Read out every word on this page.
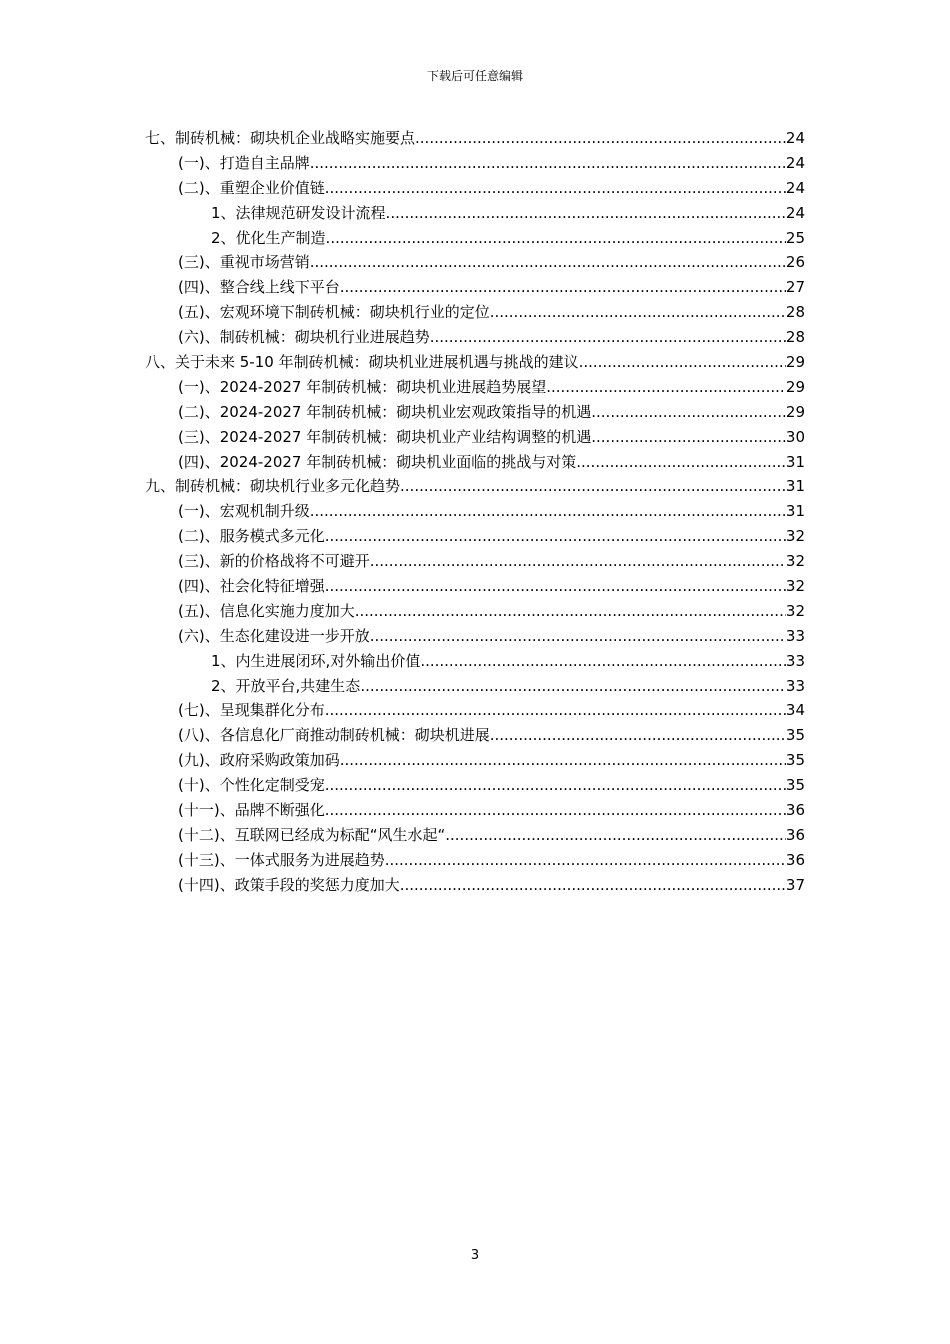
下载后可任意编辑
七、制砖机械：砌块机企业战略实施要点 .....	24
(一)、打造自主品牌 .....	24
(二)、重塑企业价值链 .....	24
1、法律规范研发设计流程 .....	24
2、优化生产制造 .....	25
(三)、重视市场营销 .....	26
(四)、整合线上线下平台 .....	27
(五)、宏观环境下制砖机械：砌块机行业的定位 .....	28
(六)、制砖机械：砌块机行业进展趋势 .....	28
八、关于未来 5-10 年制砖机械：砌块机业进展机遇与挑战的建议 .....	29
(一)、2024-2027 年制砖机械：砌块机业进展趋势展望 .....	29
(二)、2024-2027 年制砖机械：砌块机业宏观政策指导的机遇 .....	29
(三)、2024-2027 年制砖机械：砌块机业产业结构调整的机遇 .....	30
(四)、2024-2027 年制砖机械：砌块机业面临的挑战与对策 .....	31
九、制砖机械：砌块机行业多元化趋势 .....	31
(一)、宏观机制升级 .....	31
(二)、服务模式多元化 .....	32
(三)、新的价格战将不可避开 .....	32
(四)、社会化特征增强 .....	32
(五)、信息化实施力度加大 .....	32
(六)、生态化建设进一步开放 .....	33
1、内生进展闭环,对外输出价值 .....	33
2、开放平台,共建生态 .....	33
(七)、呈现集群化分布 .....	34
(八)、各信息化厂商推动制砖机械：砌块机进展 .....	35
(九)、政府采购政策加码 .....	35
(十)、个性化定制受宠 .....	35
(十一)、品牌不断强化 .....	36
(十二)、互联网已经成为标配“风生水起“ .....	36
(十三)、一体式服务为进展趋势 .....	36
(十四)、政策手段的奖惩力度加大 .....	37
3
